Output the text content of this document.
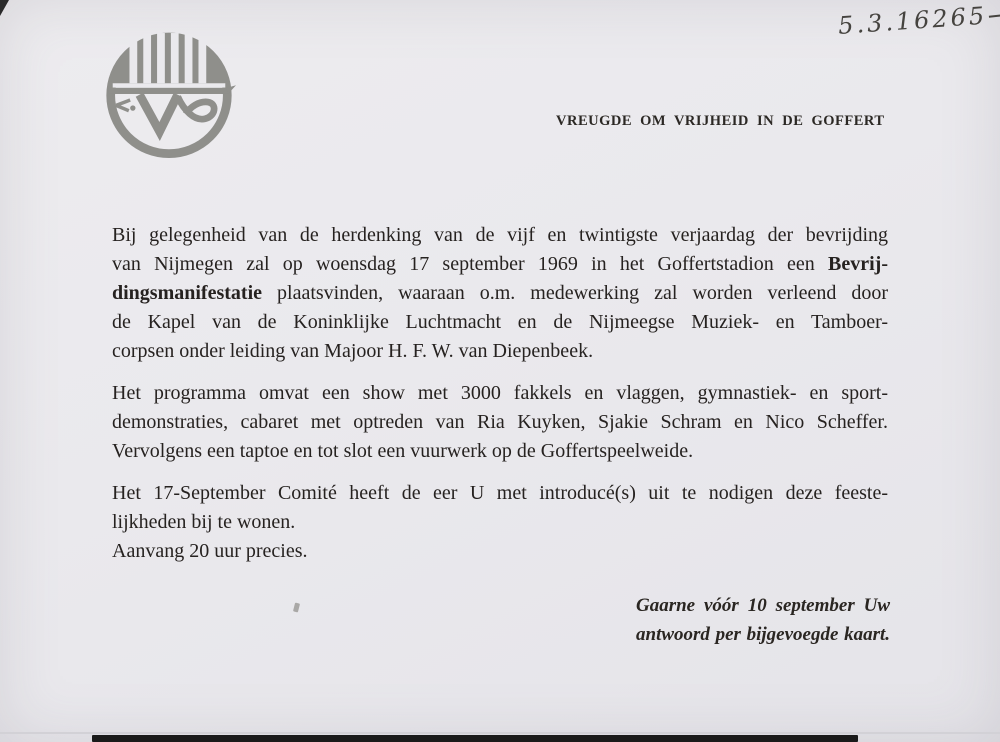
5.3.16265
VREUGDE OM VRIJHEID IN DE GOFFERT
Bij gelegenheid van de herdenking van de vijf en twintigste verjaardag der bevrijding
van Nijmegen zal op woensdag 17 september 1969 in het Goffertstadion een Bevrij-
dingsmanifestatie plaatsvinden, waaraan o.m. medewerking zal worden verleend door
de Kapel van de Koninklijke Luchtmacht en de Nijmeegse Muziek- en Tamboer-
corpsen onder leiding van Majoor H. F. W. van Diepenbeek.
Het programma omvat een show met 3000 fakkels en vlaggen, gymnastiek- en sport-
demonstraties, cabaret met optreden van Ria Kuyken, Sjakie Schram en Nico Scheffer.
Vervolgens een taptoe en tot slot een vuurwerk op de Goffertspeelweide.
Het 17-September Comité heeft de eer U met introducé(s) uit te nodigen deze feeste-
lijkheden bij te wonen.
Aanvang 20 uur precies.
Gaarne vóór 10 september Uw
antwoord per bijgevoegde kaart.
